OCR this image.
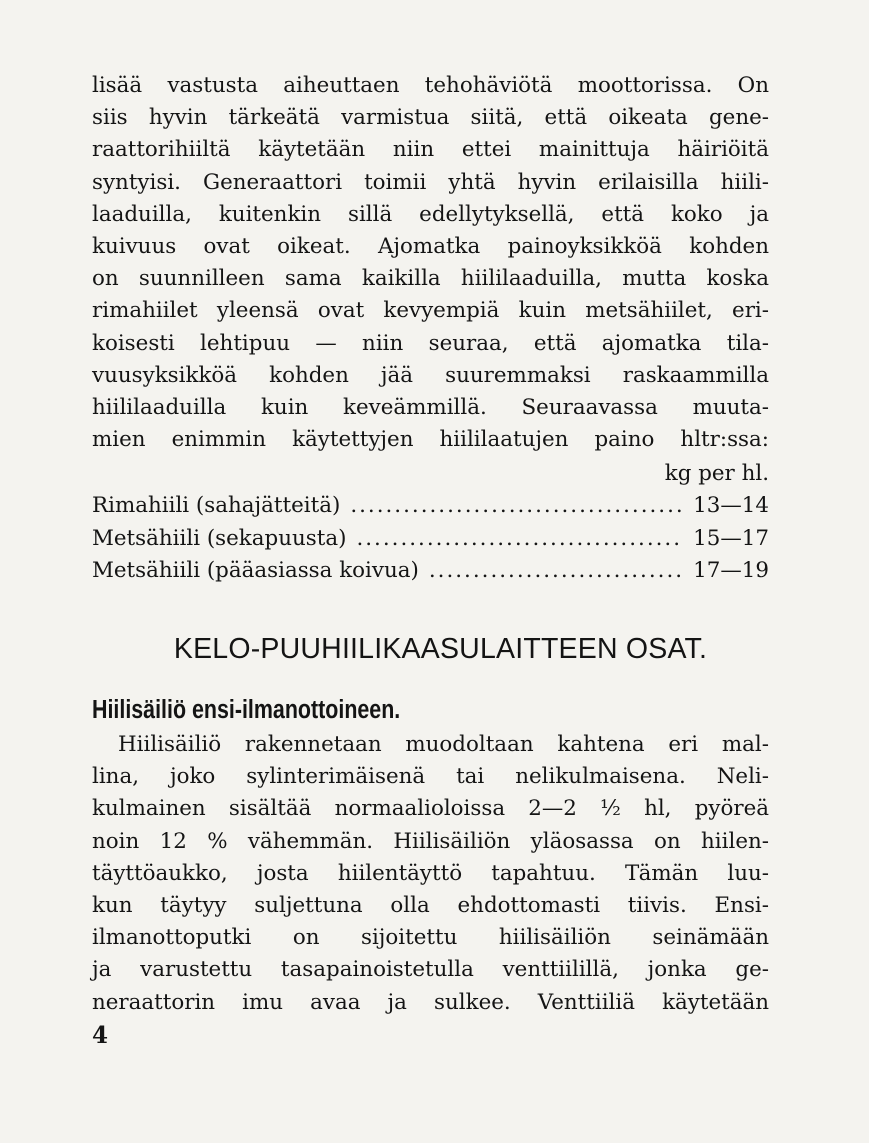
lisää vastusta aiheuttaen tehohäviötä moottorissa. On
siis hyvin tärkeätä varmistua siitä, että oikeata gene-
raattorihiiltä käytetään niin ettei mainittuja häiriöitä
syntyisi. Generaattori toimii yhtä hyvin erilaisilla hiili-
laaduilla, kuitenkin sillä edellytyksellä, että koko ja
kuivuus ovat oikeat. Ajomatka painoyksikköä kohden
on suunnilleen sama kaikilla hiililaaduilla, mutta koska
rimahiilet yleensä ovat kevyempiä kuin metsähiilet, eri-
koisesti lehtipuu — niin seuraa, että ajomatka tila-
vuusyksikköä kohden jää suuremmaksi raskaammilla
hiililaaduilla kuin keveämmillä. Seuraavassa muuta-
mien enimmin käytettyjen hiililaatujen paino hltr:ssa:
kg per hl.
Rimahiili (sahajätteitä) .....	13—14
Metsähiili (sekapuusta) .....	15—17
Metsähiili (pääasiassa koivua) .....	17—19
KELO-PUUHIILIKAASULAITTEEN OSAT.
Hiilisäiliö ensi-ilmanottoineen.
Hiilisäiliö rakennetaan muodoltaan kahtena eri mal-
lina, joko sylinterimäisenä tai nelikulmaisena. Neli-
kulmainen sisältää normaalioloissa 2—2 ½ hl, pyöreä
noin 12 % vähemmän. Hiilisäiliön yläosassa on hiilen-
täyttöaukko, josta hiilentäyttö tapahtuu. Tämän luu-
kun täytyy suljettuna olla ehdottomasti tiivis. Ensi-
ilmanottoputki on sijoitettu hiilisäiliön seinämään
ja varustettu tasapainoistetulla venttiilillä, jonka ge-
neraattorin imu avaa ja sulkee. Venttiiliä käytetään
4
